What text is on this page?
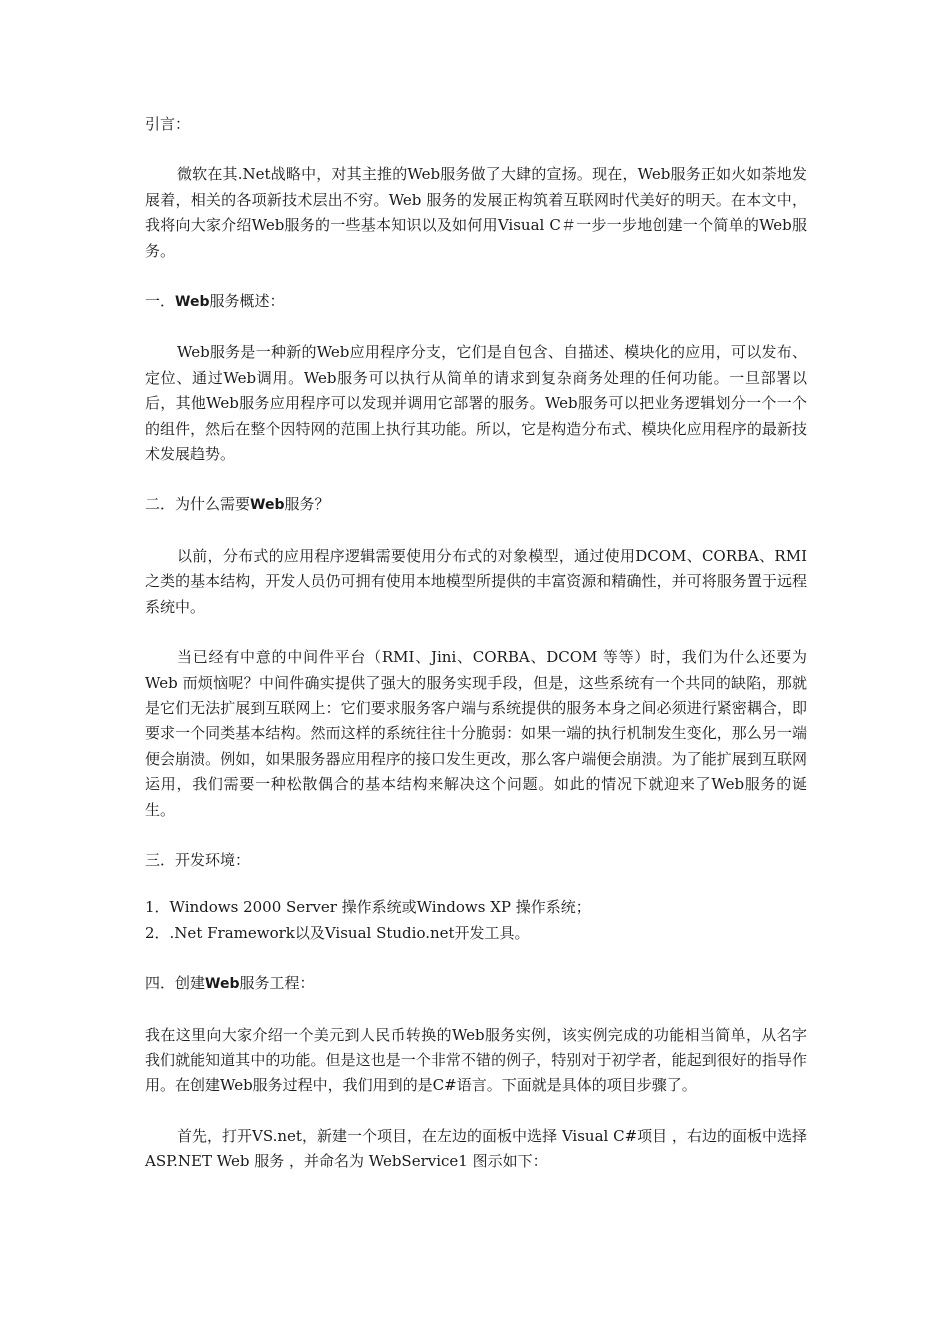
引言：

微软在其.Net战略中，对其主推的Web服务做了大肆的宣扬。现在，Web服务正如火如荼地发展着，相关的各项新技术层出不穷。Web 服务的发展正构筑着互联网时代美好的明天。在本文中，我将向大家介绍Web服务的一些基本知识以及如何用Visual C＃一步一步地创建一个简单的Web服务。

一．Web服务概述：

Web服务是一种新的Web应用程序分支，它们是自包含、自描述、模块化的应用，可以发布、定位、通过Web调用。Web服务可以执行从简单的请求到复杂商务处理的任何功能。一旦部署以后，其他Web服务应用程序可以发现并调用它部署的服务。Web服务可以把业务逻辑划分一个一个的组件，然后在整个因特网的范围上执行其功能。所以，它是构造分布式、模块化应用程序的最新技术发展趋势。

二．为什么需要Web服务？

以前，分布式的应用程序逻辑需要使用分布式的对象模型，通过使用DCOM、CORBA、RMI之类的基本结构，开发人员仍可拥有使用本地模型所提供的丰富资源和精确性，并可将服务置于远程系统中。

当已经有中意的中间件平台（RMI、Jini、CORBA、DCOM 等等）时，我们为什么还要为Web 而烦恼呢？中间件确实提供了强大的服务实现手段，但是，这些系统有一个共同的缺陷，那就是它们无法扩展到互联网上：它们要求服务客户端与系统提供的服务本身之间必须进行紧密耦合，即要求一个同类基本结构。然而这样的系统往往十分脆弱：如果一端的执行机制发生变化，那么另一端便会崩溃。例如，如果服务器应用程序的接口发生更改，那么客户端便会崩溃。为了能扩展到互联网运用，我们需要一种松散偶合的基本结构来解决这个问题。如此的情况下就迎来了Web服务的诞生。

三．开发环境：

1．Windows 2000 Server 操作系统或Windows XP 操作系统；

2．.Net Framework以及Visual Studio.net开发工具。

四．创建Web服务工程：

我在这里向大家介绍一个美元到人民币转换的Web服务实例，该实例完成的功能相当简单，从名字我们就能知道其中的功能。但是这也是一个非常不错的例子，特别对于初学者，能起到很好的指导作用。在创建Web服务过程中，我们用到的是C#语言。下面就是具体的项目步骤了。

首先，打开VS.net，新建一个项目，在左边的面板中选择 Visual C#项目 ，右边的面板中选择 ASP.NET Web 服务 ，并命名为 WebService1 图示如下：
